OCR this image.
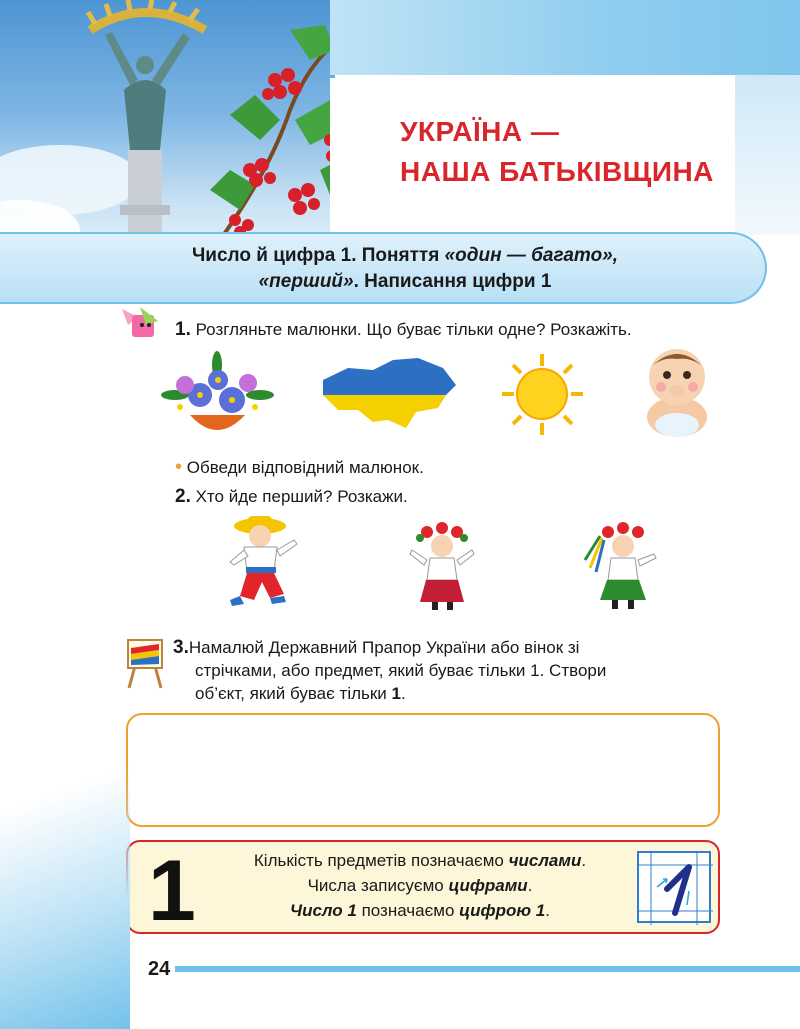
УКРАЇНА —
НАША БАТЬКІВЩИНА
Число й цифра 1. Поняття «один — багато»,
«перший». Написання цифри 1
1. Розгляньте малюнки. Що буває тільки одне? Розкажіть.
• Обведи відповідний малюнок.
2. Хто йде перший? Розкажи.
3.Намалюй Державний Прапор України або вінок зі
стрічками, або предмет, який буває тільки 1. Створи
об’єкт, який буває тільки 1.
1	Кількість предметів позначаємо числами.
Числа записуємо цифрами.
Число 1 позначаємо цифрою 1.
24
